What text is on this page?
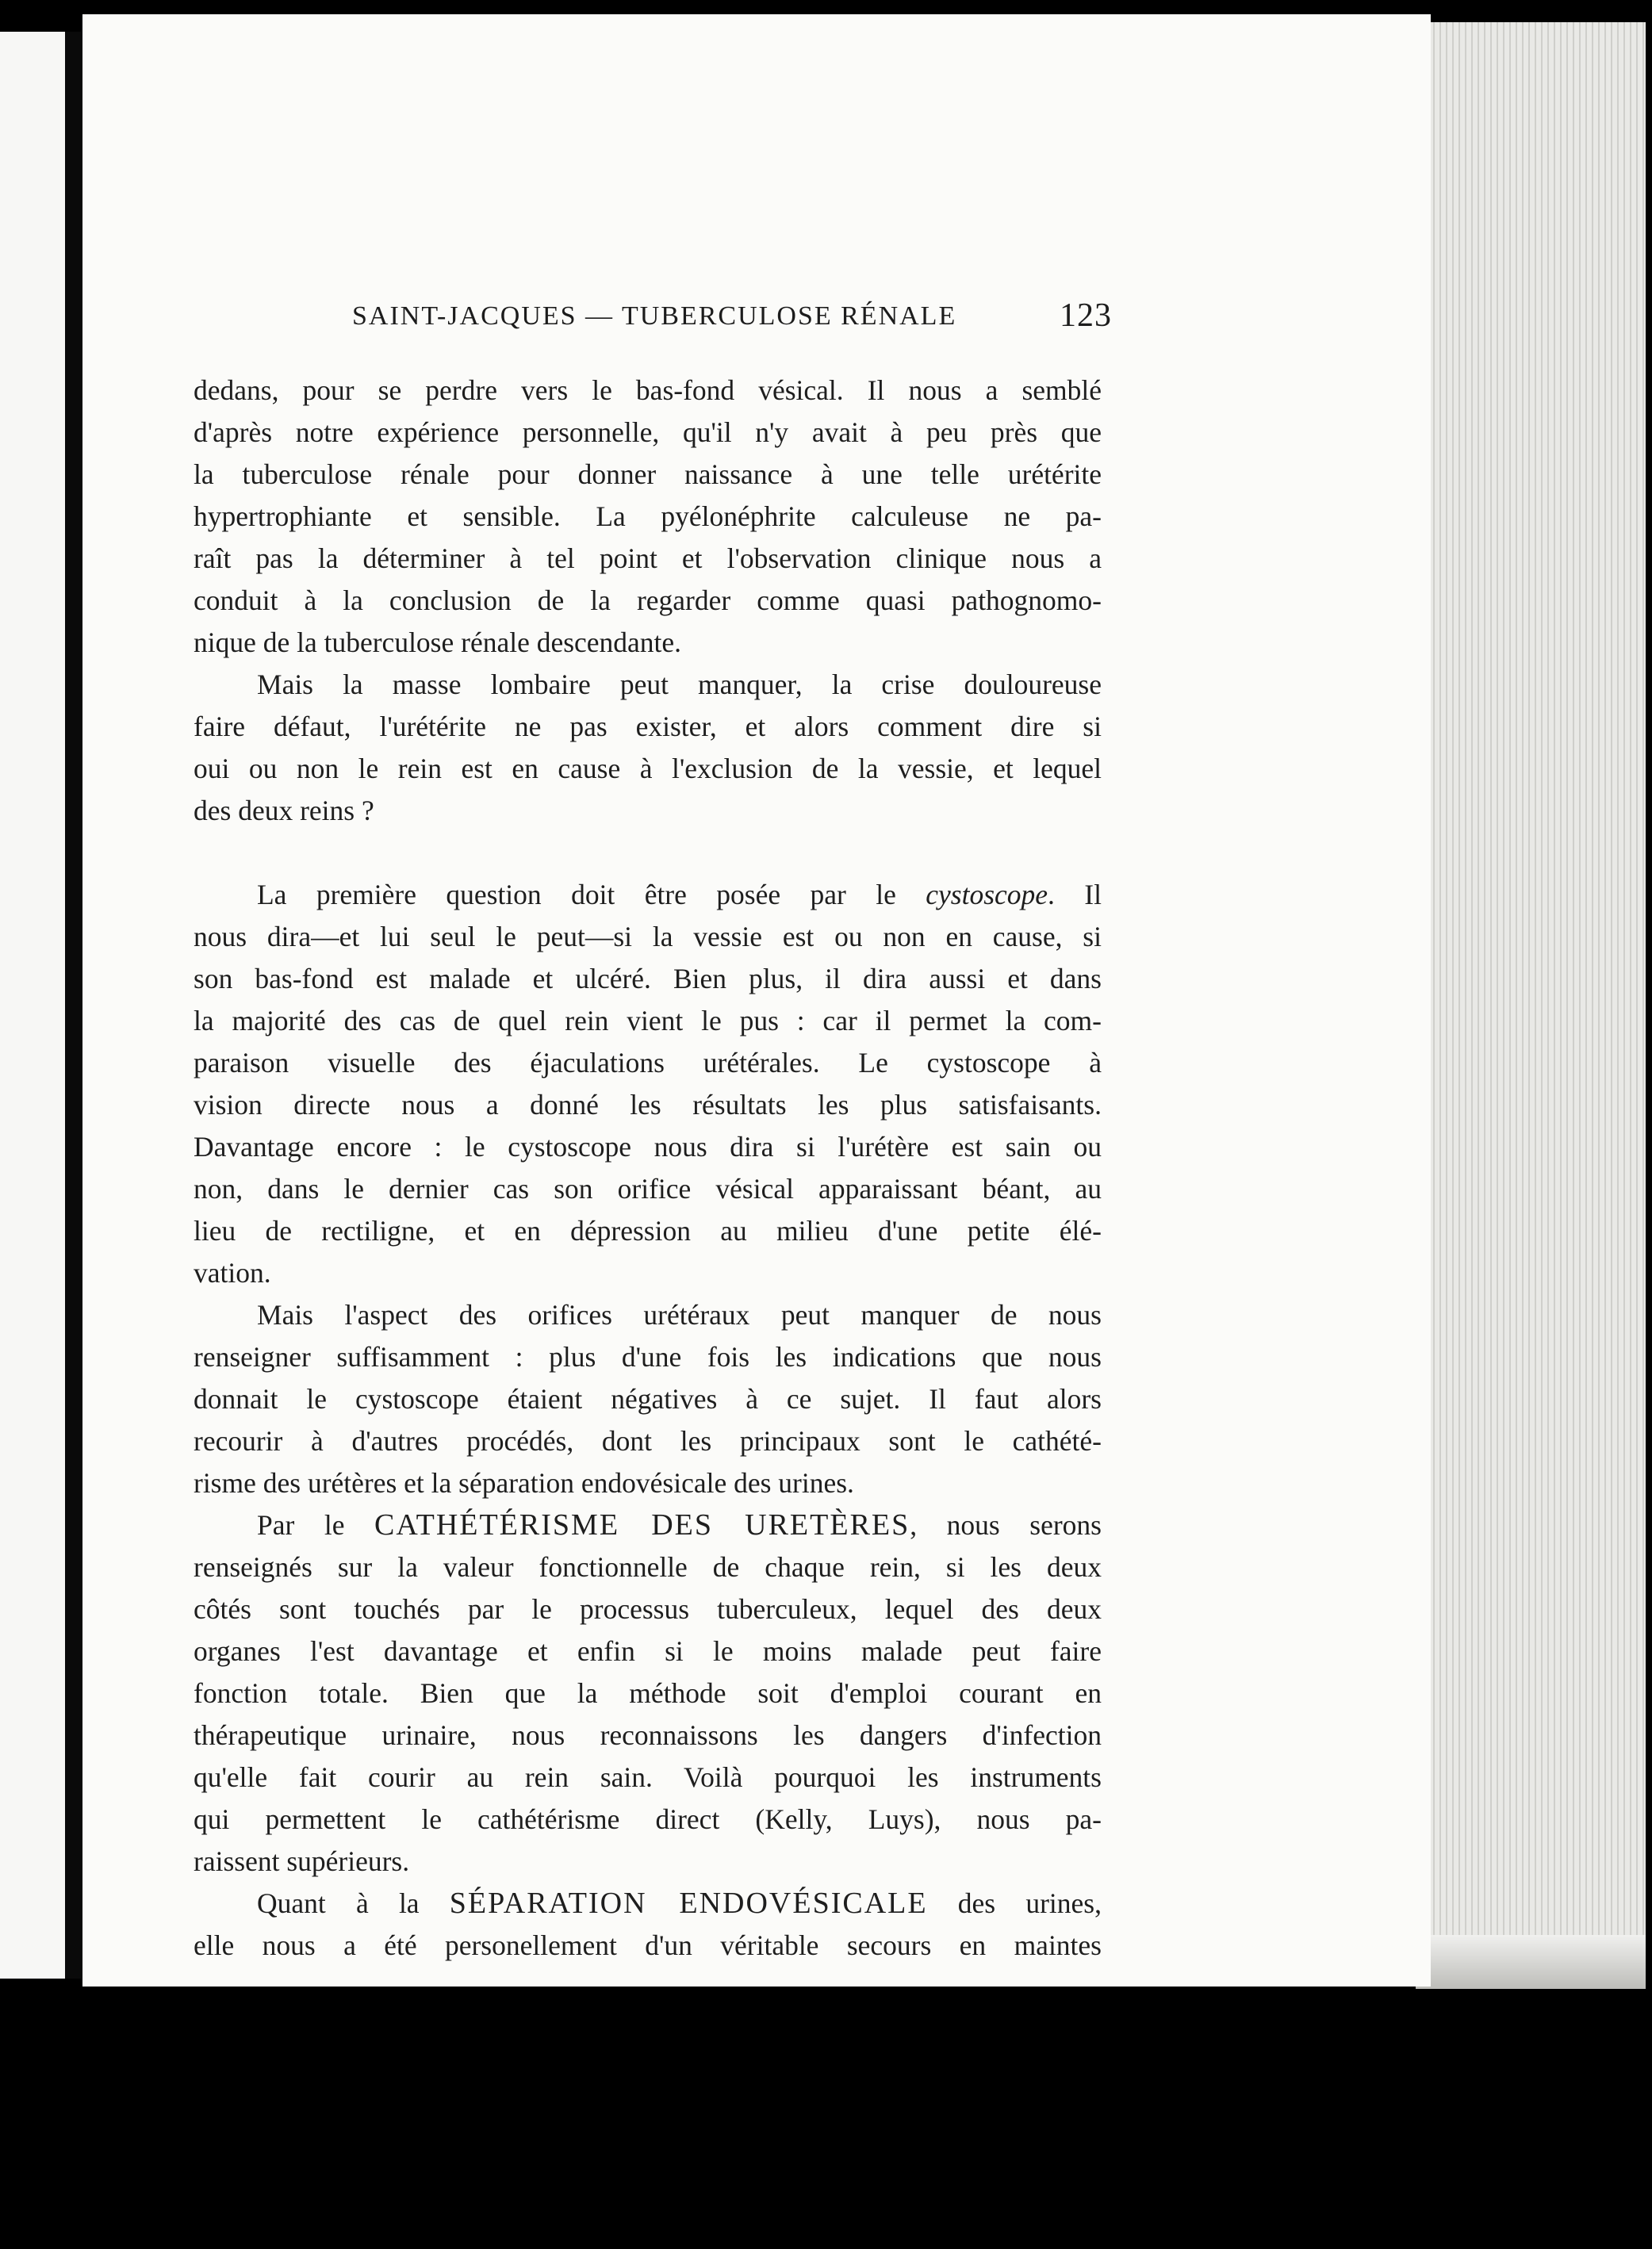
SAINT-JACQUES — TUBERCULOSE RÉNALE	123

dedans, pour se perdre vers le bas-fond vésical. Il nous a semblé
d'après notre expérience personnelle, qu'il n'y avait à peu près que
la tuberculose rénale pour donner naissance à une telle urétérite
hypertrophiante et sensible. La pyélonéphrite calculeuse ne pa-
raît pas la déterminer à tel point et l'observation clinique nous a
conduit à la conclusion de la regarder comme quasi pathognomo-
nique de la tuberculose rénale descendante.

Mais la masse lombaire peut manquer, la crise douloureuse
faire défaut, l'urétérite ne pas exister, et alors comment dire si
oui ou non le rein est en cause à l'exclusion de la vessie, et lequel
des deux reins ?

La première question doit être posée par le cystoscope. Il
nous dira—et lui seul le peut—si la vessie est ou non en cause, si
son bas-fond est malade et ulcéré. Bien plus, il dira aussi et dans
la majorité des cas de quel rein vient le pus : car il permet la com-
paraison visuelle des éjaculations urétérales. Le cystoscope à
vision directe nous a donné les résultats les plus satisfaisants.
Davantage encore : le cystoscope nous dira si l'urétère est sain ou
non, dans le dernier cas son orifice vésical apparaissant béant, au
lieu de rectiligne, et en dépression au milieu d'une petite élé-
vation.

Mais l'aspect des orifices urétéraux peut manquer de nous
renseigner suffisamment : plus d'une fois les indications que nous
donnait le cystoscope étaient négatives à ce sujet. Il faut alors
recourir à d'autres procédés, dont les principaux sont le cathété-
risme des urétères et la séparation endovésicale des urines.

Par le CATHÉTÉRISME DES URETÈRES, nous serons
renseignés sur la valeur fonctionnelle de chaque rein, si les deux
côtés sont touchés par le processus tuberculeux, lequel des deux
organes l'est davantage et enfin si le moins malade peut faire
fonction totale. Bien que la méthode soit d'emploi courant en
thérapeutique urinaire, nous reconnaissons les dangers d'infection
qu'elle fait courir au rein sain. Voilà pourquoi les instruments
qui permettent le cathétérisme direct (Kelly, Luys), nous pa-
raissent supérieurs.

Quant à la SÉPARATION ENDOVÉSICALE des urines,
elle nous a été personellement d'un véritable secours en maintes
